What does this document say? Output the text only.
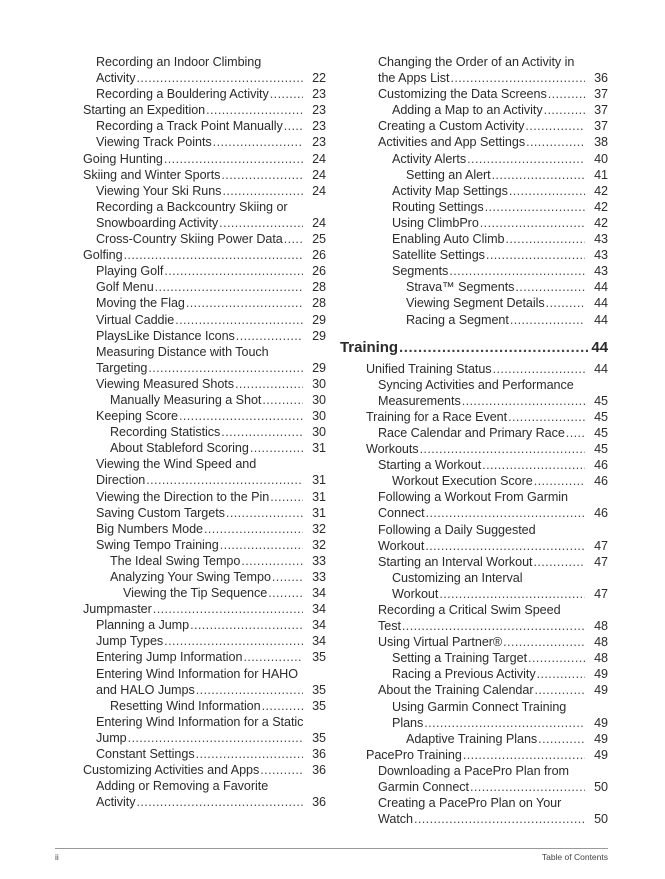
Recording an Indoor Climbing
Activity .....	22
Recording a Bouldering Activity .....	23
Starting an Expedition .....	23
Recording a Track Point Manually ..... 23
Viewing Track Points .....	23
Going Hunting .....	24
Skiing and Winter Sports .....	24
Viewing Your Ski Runs .....	24
Recording a Backcountry Skiing or
Snowboarding Activity .....	24
Cross-Country Skiing Power Data ..... 25
Golfing .....	26
Playing Golf .....	26
Golf Menu .....	28
Moving the Flag .....	28
Virtual Caddie .....	29
PlaysLike Distance Icons .....	29
Measuring Distance with Touch
Targeting .....	29
Viewing Measured Shots .....	30
Manually Measuring a Shot .....	30
Keeping Score .....	30
Recording Statistics .....	30
About Stableford Scoring .....	31
Viewing the Wind Speed and
Direction .....	31
Viewing the Direction to the Pin .....	31
Saving Custom Targets .....	31
Big Numbers Mode .....	32
Swing Tempo Training .....	32
The Ideal Swing Tempo .....	33
Analyzing Your Swing Tempo .....	33
Viewing the Tip Sequence .....	34
Jumpmaster .....	34
Planning a Jump .....	34
Jump Types .....	34
Entering Jump Information .....	35
Entering Wind Information for HAHO
and HALO Jumps .....	35
Resetting Wind Information .....	35
Entering Wind Information for a Static
Jump .....	35
Constant Settings .....	36
Customizing Activities and Apps .....	36
Adding or Removing a Favorite
Activity .....	36
Changing the Order of an Activity in
the Apps List .....	36
Customizing the Data Screens .....	37
Adding a Map to an Activity .....	37
Creating a Custom Activity .....	37
Activities and App Settings .....	38
Activity Alerts .....	40
Setting an Alert .....	41
Activity Map Settings .....	42
Routing Settings .....	42
Using ClimbPro .....	42
Enabling Auto Climb .....	43
Satellite Settings .....	43
Segments .....	43
Strava™ Segments .....	44
Viewing Segment Details .....	44
Racing a Segment .....	44
Training .....	44
Unified Training Status .....	44
Syncing Activities and Performance
Measurements .....	45
Training for a Race Event .....	45
Race Calendar and Primary Race ..... 45
Workouts .....	45
Starting a Workout .....	46
Workout Execution Score .....	46
Following a Workout From Garmin
Connect .....	46
Following a Daily Suggested
Workout .....	47
Starting an Interval Workout .....	47
Customizing an Interval
Workout .....	47
Recording a Critical Swim Speed
Test .....	48
Using Virtual Partner® .....	48
Setting a Training Target .....	48
Racing a Previous Activity .....	49
About the Training Calendar .....	49
Using Garmin Connect Training
Plans .....	49
Adaptive Training Plans .....	49
PacePro Training .....	49
Downloading a PacePro Plan from
Garmin Connect .....	50
Creating a PacePro Plan on Your
Watch .....	50
ii	Table of Contents
